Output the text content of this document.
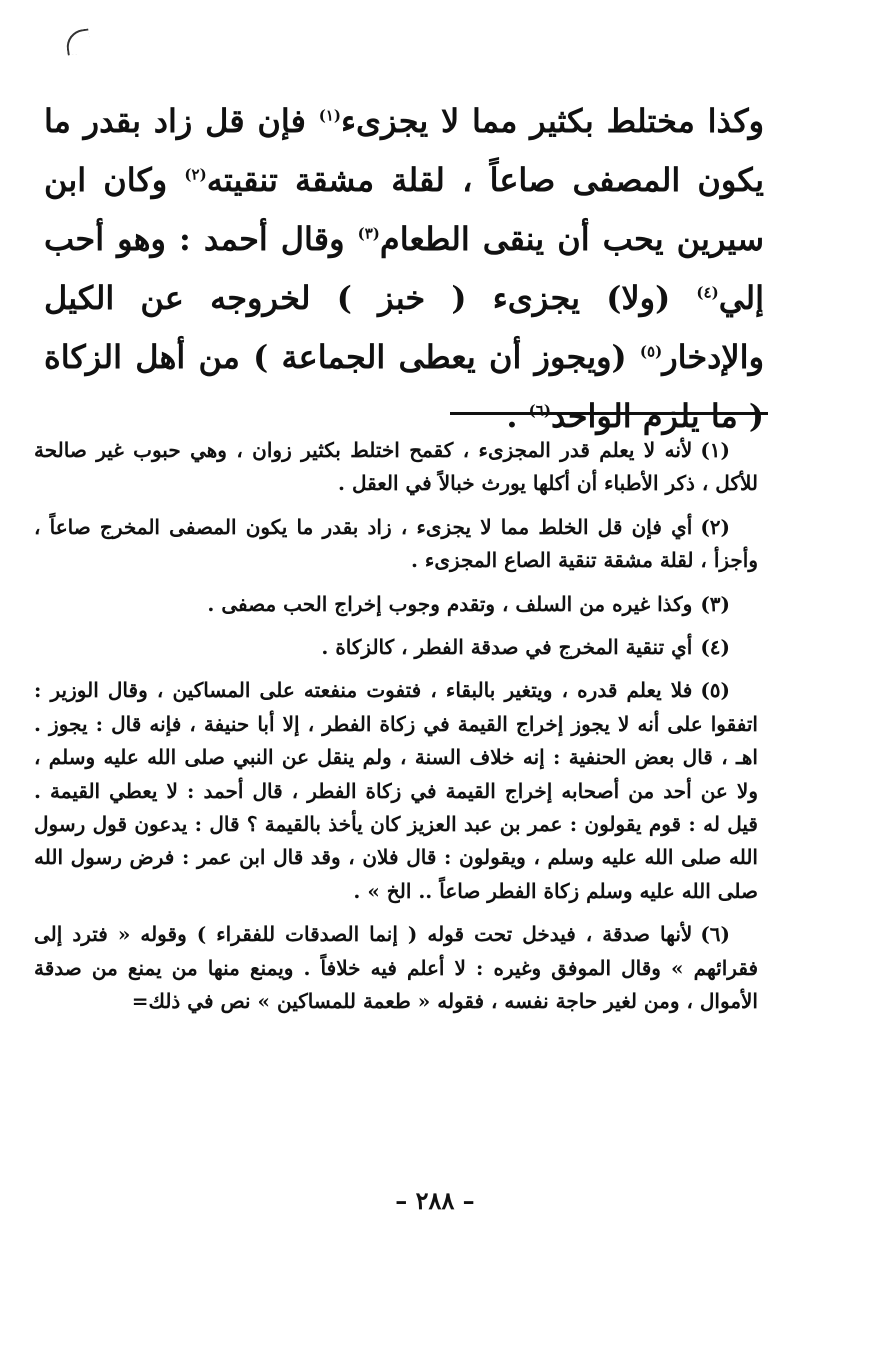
وكذا مختلط بكثير مما لا يجزىء$^{(١)}$ فإن قل زاد بقدر ما يكون المصفى صاعاً ، لقلة مشقة تنقيته$^{(٢)}$ وكان ابن سيرين يحب أن ينقى الطعام$^{(٣)}$ وقال أحمد : وهو أحب إلي$^{(٤)}$ (ولا) يجزىء ( خبز ) لخروجه عن الكيل والإدخار$^{(٥)}$ (ويجوز أن يعطى الجماعة ) من أهل الزكاة ( ما يلزم الواحد$^{(٦)}$ .

(١)لأنه لا يعلم قدر المجزىء ، كقمح اختلط بكثير زوان ، وهي حبوب غير صالحة للأكل ، ذكر الأطباء أن أكلها يورث خبالاً في العقل .

(٢)أي فإن قل الخلط مما لا يجزىء ، زاد بقدر ما يكون المصفى المخرج صاعاً ، وأجزأ ، لقلة مشقة تنقية الصاع المجزىء .

(٣)وكذا غيره من السلف ، وتقدم وجوب إخراج الحب مصفى .

(٤)أي تنقية المخرج في صدقة الفطر ، كالزكاة .

(٥)فلا يعلم قدره ، ويتغير بالبقاء ، فتفوت منفعته على المساكين ، وقال الوزير : اتفقوا على أنه لا يجوز إخراج القيمة في زكاة الفطر ، إلا أبا حنيفة ، فإنه قال : يجوز . اهـ ، قال بعض الحنفية : إنه خلاف السنة ، ولم ينقل عن النبي صلى الله عليه وسلم ، ولا عن أحد من أصحابه إخراج القيمة في زكاة الفطر ، قال أحمد : لا يعطي القيمة . قيل له : قوم يقولون : عمر بن عبد العزيز كان يأخذ بالقيمة ؟ قال : يدعون قول رسول الله صلى الله عليه وسلم ، ويقولون : قال فلان ، وقد قال ابن عمر : فرض رسول الله صلى الله عليه وسلم زكاة الفطر صاعاً .. الخ » .

(٦)لأنها صدقة ، فيدخل تحت قوله ( إنما الصدقات للفقراء ) وقوله « فترد إلى فقرائهم » وقال الموفق وغيره : لا أعلم فيه خلافاً . ويمنع منها من يمنع من صدقة الأموال ، ومن لغير حاجة نفسه ، فقوله « طعمة للمساكين » نص في ذلك=

– ٢٨٨ –
